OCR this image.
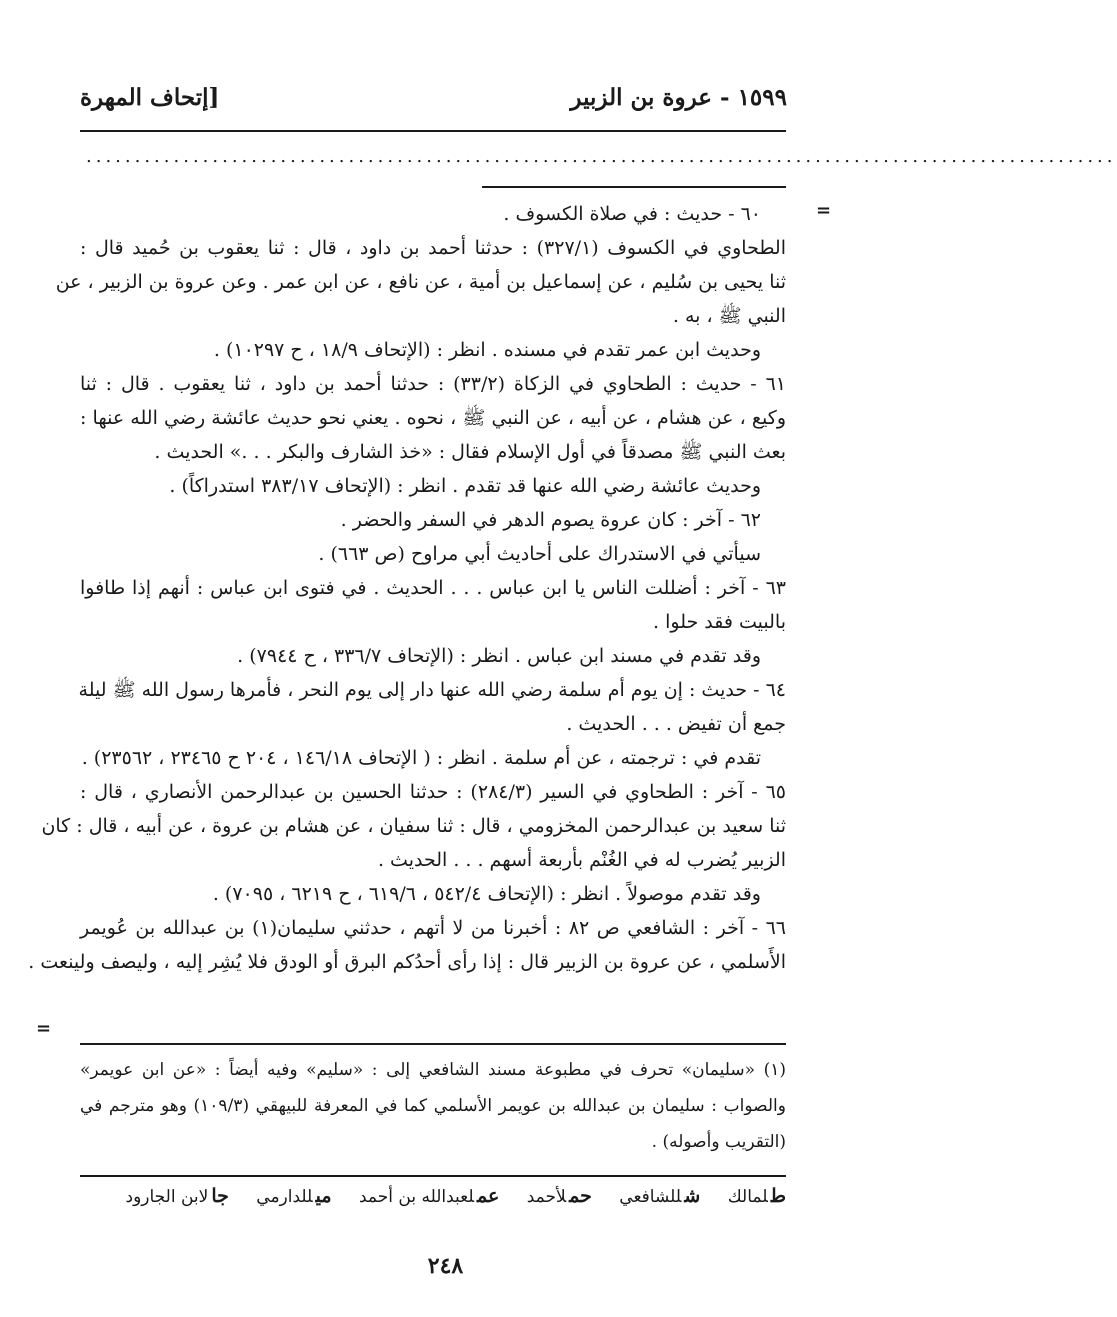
١٥٩٩ - عروة بن الزبير
[إتحاف المهرة
..........................................................................................................
=
=
٦٠ - حديث : في صلاة الكسوف .
الطحاوي في الكسوف (٣٢٧/١) : حدثنا أحمد بن داود ، قال : ثنا يعقوب بن حُميد قال :
ثنا يحيى بن سُليم ، عن إسماعيل بن أمية ، عن نافع ، عن ابن عمر . وعن عروة بن الزبير ، عن
النبي ﷺ ، به .
وحديث ابن عمر تقدم في مسنده . انظر : (الإتحاف ١٨/٩ ، ح ١٠٢٩٧) .
٦١ - حديث : الطحاوي في الزكاة (٣٣/٢) : حدثنا أحمد بن داود ، ثنا يعقوب . قال : ثنا
وكيع ، عن هشام ، عن أبيه ، عن النبي ﷺ ، نحوه . يعني نحو حديث عائشة رضي الله عنها :
بعث النبي ﷺ مصدقاً في أول الإسلام فقال : «خذ الشارف والبكر . . .» الحديث .
وحديث عائشة رضي الله عنها قد تقدم . انظر : (الإتحاف ٣٨٣/١٧ استدراكاً) .
٦٢ - آخر : كان عروة يصوم الدهر في السفر والحضر .
سيأتي في الاستدراك على أحاديث أبي مراوح (ص ٦٦٣) .
٦٣ - آخر : أضللت الناس يا ابن عباس . . . الحديث . في فتوى ابن عباس : أنهم إذا طافوا
بالبيت فقد حلوا .
وقد تقدم في مسند ابن عباس . انظر : (الإتحاف ٣٣٦/٧ ، ح ٧٩٤٤) .
٦٤ - حديث : إن يوم أم سلمة رضي الله عنها دار إلى يوم النحر ، فأمرها رسول الله ﷺ ليلة
جمع أن تفيض . . . الحديث .
تقدم في : ترجمته ، عن أم سلمة . انظر : ( الإتحاف ١٤٦/١٨ ، ٢٠٤ ح ٢٣٤٦٥ ، ٢٣٥٦٢) .
٦٥ - آخر : الطحاوي في السير (٢٨٤/٣) : حدثنا الحسين بن عبدالرحمن الأنصاري ، قال :
ثنا سعيد بن عبدالرحمن المخزومي ، قال : ثنا سفيان ، عن هشام بن عروة ، عن أبيه ، قال : كان
الزبير يُضرب له في الغُنْم بأربعة أسهم . . . الحديث .
وقد تقدم موصولاً . انظر : (الإتحاف ٥٤٢/٤ ، ٦١٩/٦ ، ح ٦٢١٩ ، ٧٠٩٥) .
٦٦ - آخر : الشافعي ص ٨٢ : أخبرنا من لا أتهم ، حدثني سليمان(١) بن عبدالله بن عُويمر
الأَسلمي ، عن عروة بن الزبير قال : إذا رأى أحدُكم البرق أو الودق فلا يُشِر إليه ، وليصف ولينعت .
(١) «سليمان» تحرف في مطبوعة مسند الشافعي إلى : «سليم» وفيه أيضاً : «عن ابن عويمر»
والصواب : سليمان بن عبدالله بن عويمر الأسلمي كما في المعرفة للبيهقي (١٠٩/٣) وهو مترجم في
(التقريب وأصوله) .
طلمالك شللشافعي حملأحمد عملعبدالله بن أحمد ميللدارمي جالابن الجارود
٢٤٨
